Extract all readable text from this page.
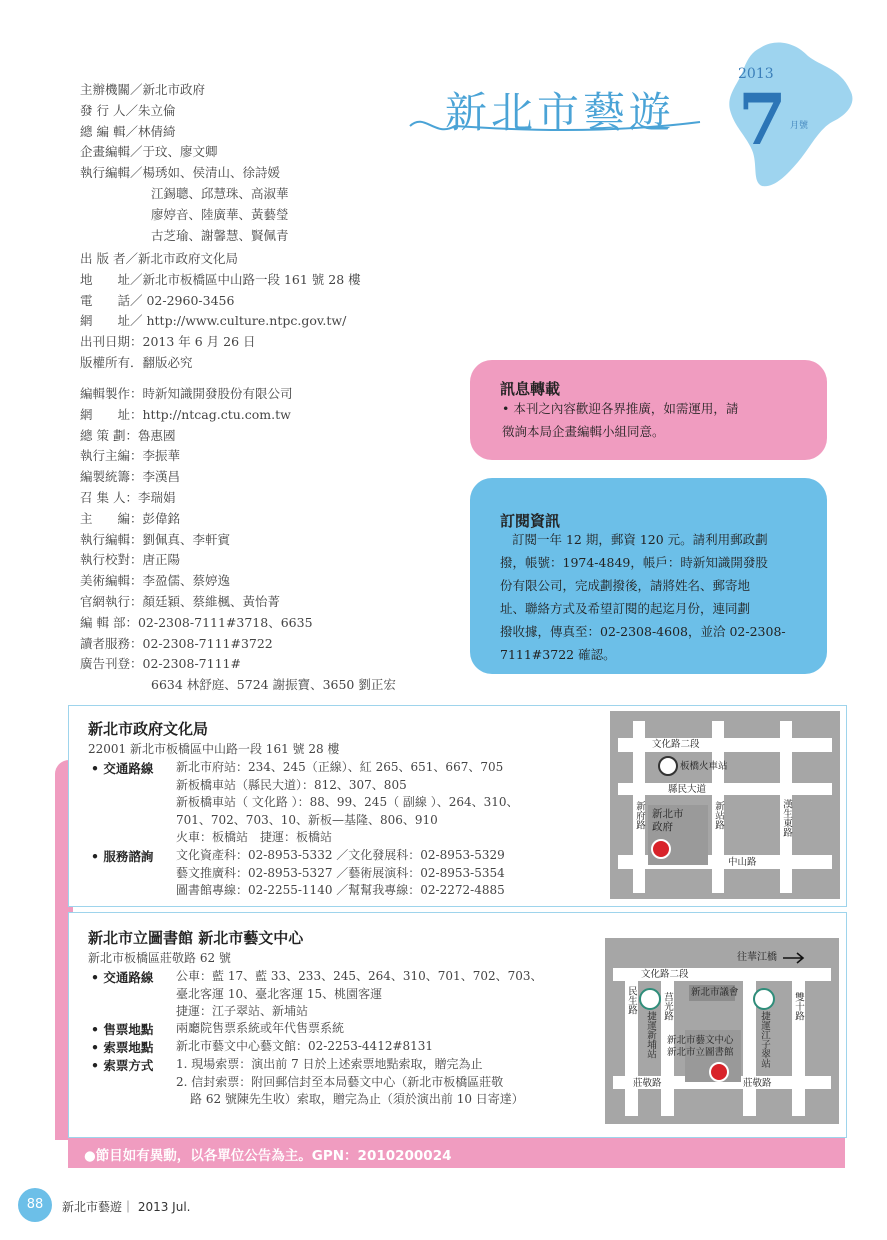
新北市藝遊
2013
7 月號
主辦機關／新北市政府
發 行 人／朱立倫
總 編 輯／林倩綺
企畫編輯／于玟、廖文卿
執行編輯／楊琇如、侯清山、徐詩媛
江錫聰、邱慧珠、高淑華
廖婷音、陸廣華、黃藝瑩
古芝瑜、謝馨慧、賢佩青
出 版 者／新北市政府文化局
地　　址／新北市板橋區中山路一段 161 號 28 樓
電　　話／ 02-2960-3456
網　　址／ http://www.culture.ntpc.gov.tw/
出刊日期：2013 年 6 月 26 日
版權所有．翻版必究
編輯製作：時新知識開發股份有限公司
網　　址：http://ntcag.ctu.com.tw
總 策 劃：魯惠國
執行主編：李振華
編製統籌：李漢昌
召 集 人：李瑞娟
主　　編：彭偉銘
執行編輯：劉佩真、李軒賓
執行校對：唐正陽
美術編輯：李盈儒、蔡婷逸
官網執行：顏廷穎、蔡維楓、黃怡菁
編 輯 部：02-2308-7111#3718、6635
讀者服務：02-2308-7111#3722
廣告刊登：02-2308-7111#
6634 林舒庭、5724 謝振寶、3650 劉正宏
訊息轉載
• 本刊之內容歡迎各界推廣，如需運用，請
徵詢本局企畫編輯小組同意。
訂閱資訊
訂閱一年 12 期，郵資 120 元。請利用郵政劃
撥，帳號：1974-4849，帳戶：時新知識開發股
份有限公司，完成劃撥後，請將姓名、郵寄地
址、聯絡方式及希望訂閱的起迄月份，連同劃
撥收據，傳真至：02-2308-4608，並洽 02-2308-
7111#3722 確認。
新北市政府文化局
22001 新北市板橋區中山路一段 161 號 28 樓
• 交通路線 新北市府站：234、245（正線）、紅 265、651、667、705
新板橋車站（縣民大道）：812、307、805
新板橋車站（ 文化路 ）：88、99、245（ 副線 ）、264、310、
701、702、703、10、新板—基隆、806、910
火車：板橋站　捷運：板橋站
• 服務諮詢 文化資產科：02-8953-5332 ／文化發展科：02-8953-5329
藝文推廣科：02-8953-5327 ／藝術展演科：02-8953-5354
圖書館專線：02-2255-1140 ／幫幫我專線：02-2272-4885
文化路二段
板橋火車站
縣民大道
新府路	新站路	漢生東路
新北市政府
中山路
新北市立圖書館 新北市藝文中心
新北市板橋區莊敬路 62 號
• 交通路線 公車：藍 17、藍 33、233、245、264、310、701、702、703、
臺北客運 10、臺北客運 15、桃園客運
捷運：江子翠站、新埔站
• 售票地點 兩廳院售票系統或年代售票系統
• 索票地點 新北市藝文中心藝文館：02-2253-4412#8131
• 索票方式 1. 現場索票：演出前 7 日於上述索票地點索取，贈完為止
2. 信封索票：附回郵信封至本局藝文中心（新北市板橋區莊敬
路 62 號陳先生收）索取，贈完為止（須於演出前 10 日寄達）
往華江橋
文化路二段
新北市議會
民生路
捷運新埔站
莒光路
捷運江子翠站
雙十路
新北市藝文中心
新北市立圖書館
莊敬路	莊敬路
●節目如有異動，以各單位公告為主。GPN：2010200024
88	新北市藝遊｜ 2013 Jul.
